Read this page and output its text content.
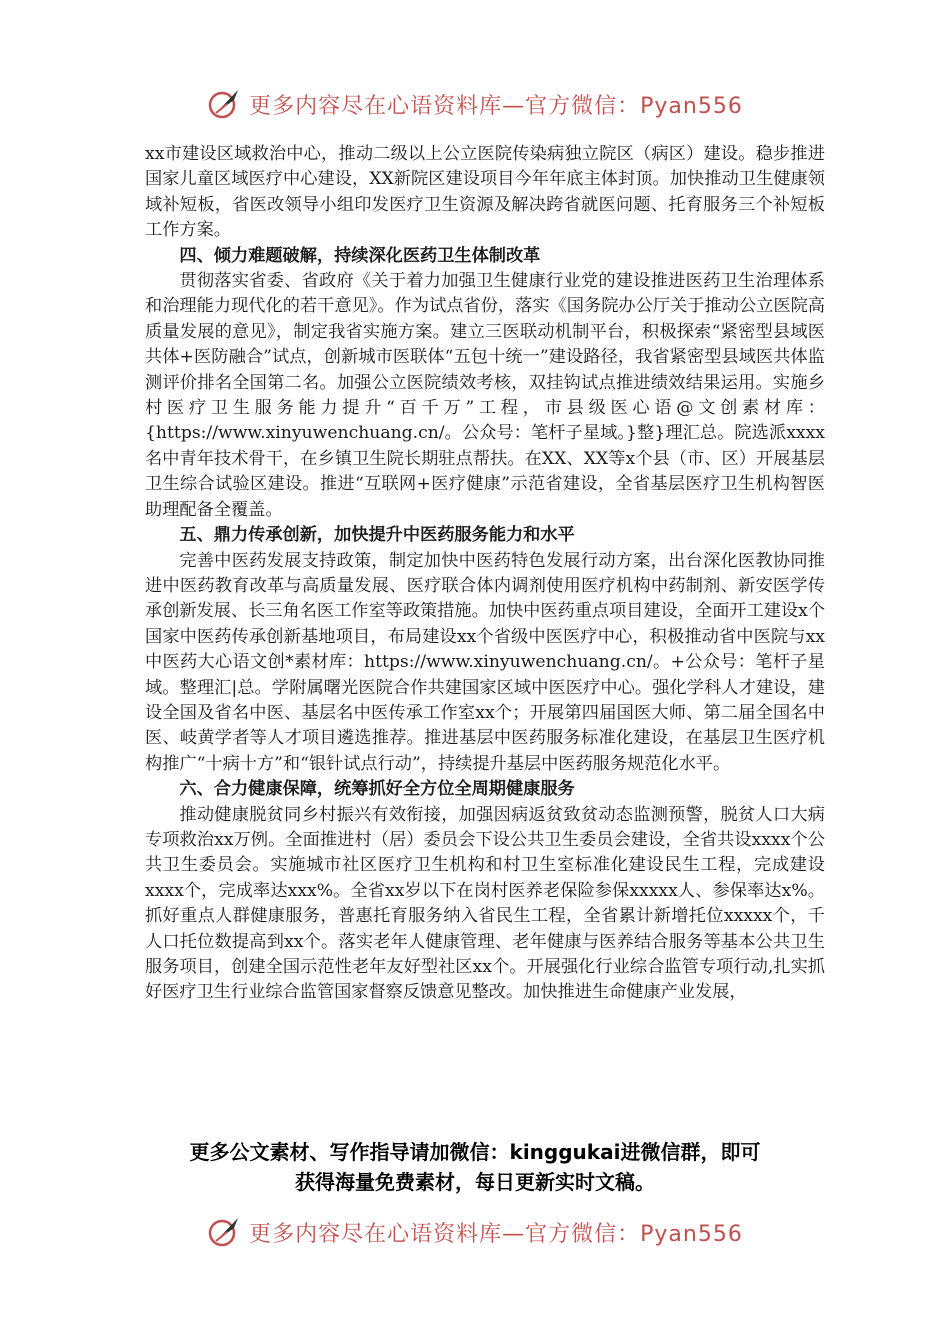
更多内容尽在心语资料库—官方微信：Pyan556

xx市建设区域救治中心，推动二级以上公立医院传染病独立院区（病区）建设。稳步推进国家儿童区域医疗中心建设，XX新院区建设项目今年年底主体封顶。加快推动卫生健康领域补短板，省医改领导小组印发医疗卫生资源及解决跨省就医问题、托育服务三个补短板工作方案。

四、倾力难题破解，持续深化医药卫生体制改革

贯彻落实省委、省政府《关于着力加强卫生健康行业党的建设推进医药卫生治理体系和治理能力现代化的若干意见》。作为试点省份，落实《国务院办公厅关于推动公立医院高质量发展的意见》，制定我省实施方案。建立三医联动机制平台，积极探索“紧密型县域医共体+医防融合”试点，创新城市医联体“五包十统一”建设路径，我省紧密型县域医共体监测评价排名全国第二名。加强公立医院绩效考核，双挂钩试点推进绩效结果运用。实施乡村医疗卫生服务能力提升“百千万”工程，市县级医心语@文创素材库：{https://www.xinyuwenchuang.cn/。公众号：笔杆子星域。}整}理汇总。院选派xxxx名中青年技术骨干，在乡镇卫生院长期驻点帮扶。在XX、XX等x个县（市、区）开展基层卫生综合试验区建设。推进“互联网+医疗健康”示范省建设，全省基层医疗卫生机构智医助理配备全覆盖。

五、鼎力传承创新，加快提升中医药服务能力和水平

完善中医药发展支持政策，制定加快中医药特色发展行动方案，出台深化医教协同推进中医药教育改革与高质量发展、医疗联合体内调剂使用医疗机构中药制剂、新安医学传承创新发展、长三角名医工作室等政策措施。加快中医药重点项目建设，全面开工建设x个国家中医药传承创新基地项目，布局建设xx个省级中医医疗中心，积极推动省中医院与xx中医药大心语文创*素材库：https://www.xinyuwenchuang.cn/。+公众号：笔杆子星域。整理汇|总。学附属曙光医院合作共建国家区域中医医疗中心。强化学科人才建设，建设全国及省名中医、基层名中医传承工作室xx个；开展第四届国医大师、第二届全国名中医、岐黄学者等人才项目遴选推荐。推进基层中医药服务标准化建设，在基层卫生医疗机构推广“十病十方”和“银针试点行动”，持续提升基层中医药服务规范化水平。

六、合力健康保障，统筹抓好全方位全周期健康服务

推动健康脱贫同乡村振兴有效衔接，加强因病返贫致贫动态监测预警，脱贫人口大病专项救治xx万例。全面推进村（居）委员会下设公共卫生委员会建设，全省共设xxxx个公共卫生委员会。实施城市社区医疗卫生机构和村卫生室标准化建设民生工程，完成建设xxxx个，完成率达xxx%。全省xx岁以下在岗村医养老保险参保xxxxx人、参保率达x%。抓好重点人群健康服务，普惠托育服务纳入省民生工程，全省累计新增托位xxxxx个，千人口托位数提高到xx个。落实老年人健康管理、老年健康与医养结合服务等基本公共卫生服务项目，创建全国示范性老年友好型社区xx个。开展强化行业综合监管专项行动,扎实抓好医疗卫生行业综合监管国家督察反馈意见整改。加快推进生命健康产业发展，

更多公文素材、写作指导请加微信：kinggukai进微信群，即可
获得海量免费素材，每日更新实时文稿。
更多内容尽在心语资料库—官方微信：Pyan556
